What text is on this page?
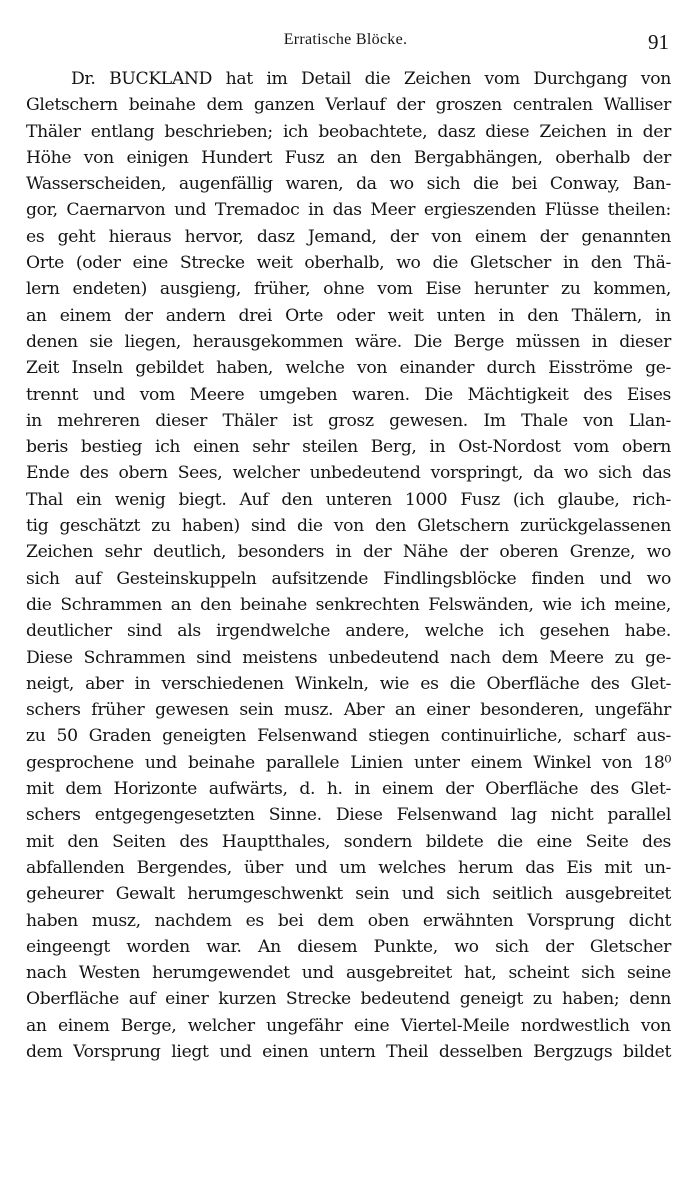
Erratische Blöcke.	91
Dr. BUCKLAND hat im Detail die Zeichen vom Durchgang von
Gletschern beinahe dem ganzen Verlauf der groszen centralen Walliser
Thäler entlang beschrieben; ich beobachtete, dasz diese Zeichen in der
Höhe von einigen Hundert Fusz an den Bergabhängen, oberhalb der
Wasserscheiden, augenfällig waren, da wo sich die bei Conway, Ban-
gor, Caernarvon und Tremadoc in das Meer ergieszenden Flüsse theilen:
es geht hieraus hervor, dasz Jemand, der von einem der genannten
Orte (oder eine Strecke weit oberhalb, wo die Gletscher in den Thä-
lern endeten) ausgieng, früher, ohne vom Eise herunter zu kommen,
an einem der andern drei Orte oder weit unten in den Thälern, in
denen sie liegen, herausgekommen wäre. Die Berge müssen in dieser
Zeit Inseln gebildet haben, welche von einander durch Eisströme ge-
trennt und vom Meere umgeben waren. Die Mächtigkeit des Eises
in mehreren dieser Thäler ist grosz gewesen. Im Thale von Llan-
beris bestieg ich einen sehr steilen Berg, in Ost-Nordost vom obern
Ende des obern Sees, welcher unbedeutend vorspringt, da wo sich das
Thal ein wenig biegt. Auf den unteren 1000 Fusz (ich glaube, rich-
tig geschätzt zu haben) sind die von den Gletschern zurückgelassenen
Zeichen sehr deutlich, besonders in der Nähe der oberen Grenze, wo
sich auf Gesteinskuppeln aufsitzende Findlingsblöcke finden und wo
die Schrammen an den beinahe senkrechten Felswänden, wie ich meine,
deutlicher sind als irgendwelche andere, welche ich gesehen habe.
Diese Schrammen sind meistens unbedeutend nach dem Meere zu ge-
neigt, aber in verschiedenen Winkeln, wie es die Oberfläche des Glet-
schers früher gewesen sein musz. Aber an einer besonderen, ungefähr
zu 50 Graden geneigten Felsenwand stiegen continuirliche, scharf aus-
gesprochene und beinahe parallele Linien unter einem Winkel von 18⁰
mit dem Horizonte aufwärts, d. h. in einem der Oberfläche des Glet-
schers entgegengesetzten Sinne. Diese Felsenwand lag nicht parallel
mit den Seiten des Hauptthales, sondern bildete die eine Seite des
abfallenden Bergendes, über und um welches herum das Eis mit un-
geheurer Gewalt herumgeschwenkt sein und sich seitlich ausgebreitet
haben musz, nachdem es bei dem oben erwähnten Vorsprung dicht
eingeengt worden war. An diesem Punkte, wo sich der Gletscher
nach Westen herumgewendet und ausgebreitet hat, scheint sich seine
Oberfläche auf einer kurzen Strecke bedeutend geneigt zu haben; denn
an einem Berge, welcher ungefähr eine Viertel-Meile nordwestlich von
dem Vorsprung liegt und einen untern Theil desselben Bergzugs bildet
